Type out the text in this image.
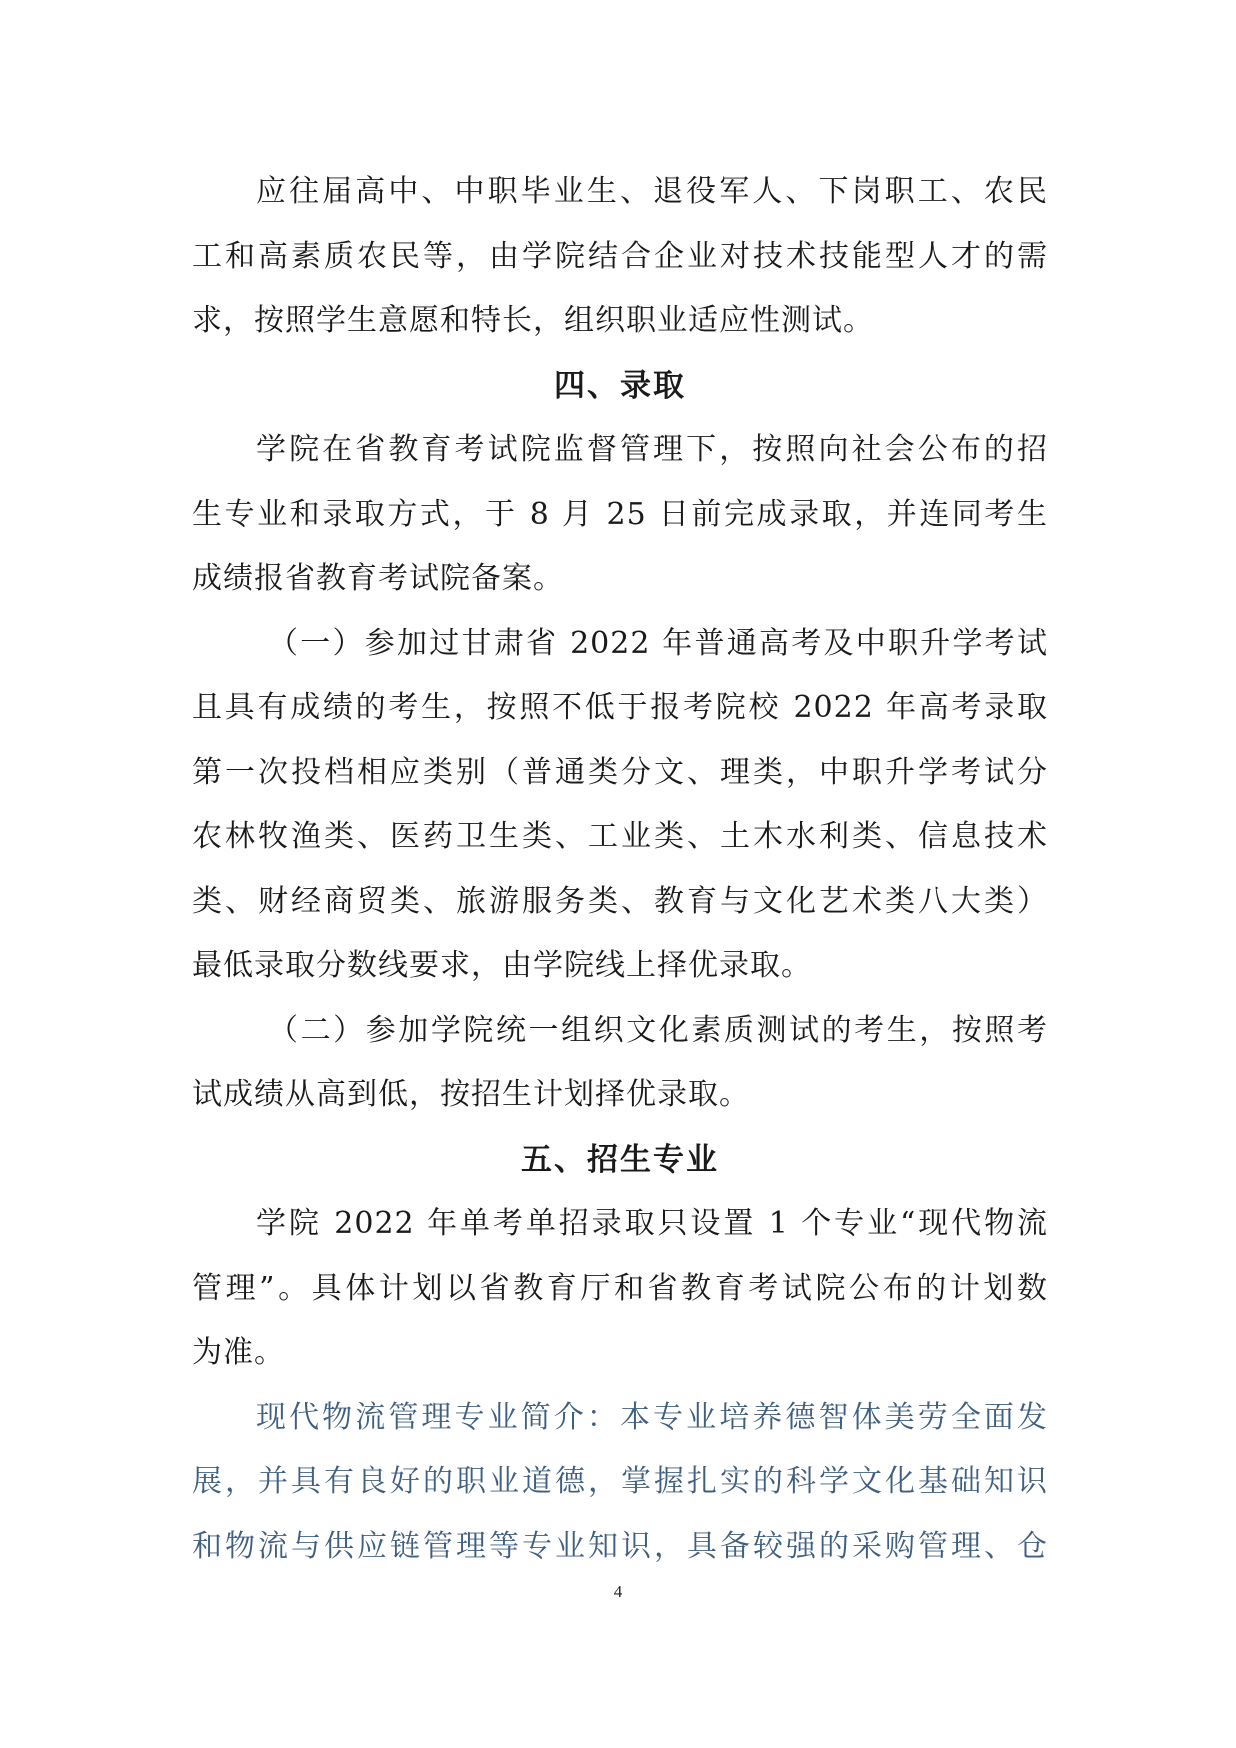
应往届高中、中职毕业生、退役军人、下岗职工、农民
工和高素质农民等，由学院结合企业对技术技能型人才的需
求，按照学生意愿和特长，组织职业适应性测试。
四、录取
学院在省教育考试院监督管理下，按照向社会公布的招
生专业和录取方式，于 8 月 25 日前完成录取，并连同考生
成绩报省教育考试院备案。
（一）参加过甘肃省 2022 年普通高考及中职升学考试
且具有成绩的考生，按照不低于报考院校 2022 年高考录取
第一次投档相应类别（普通类分文、理类，中职升学考试分
农林牧渔类、医药卫生类、工业类、土木水利类、信息技术
类、财经商贸类、旅游服务类、教育与文化艺术类八大类）
最低录取分数线要求，由学院线上择优录取。
（二）参加学院统一组织文化素质测试的考生，按照考
试成绩从高到低，按招生计划择优录取。
五、招生专业
学院 2022 年单考单招录取只设置 1 个专业“现代物流
管理”。具体计划以省教育厅和省教育考试院公布的计划数
为准。
现代物流管理专业简介：本专业培养德智体美劳全面发
展，并具有良好的职业道德，掌握扎实的科学文化基础知识
和物流与供应链管理等专业知识，具备较强的采购管理、仓
4
